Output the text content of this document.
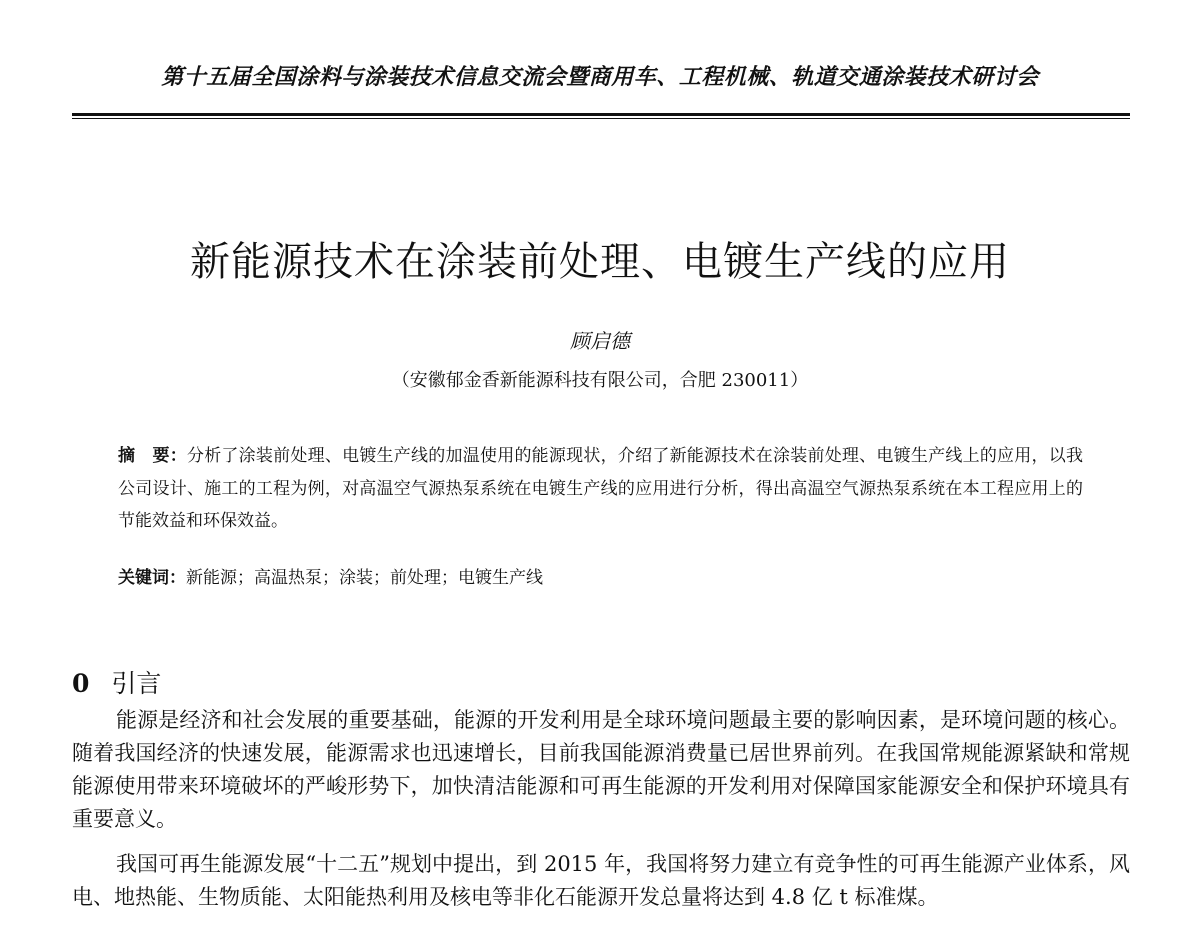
第十五届全国涂料与涂装技术信息交流会暨商用车、工程机械、轨道交通涂装技术研讨会
新能源技术在涂装前处理、电镀生产线的应用
顾启德
（安徽郁金香新能源科技有限公司，合肥 230011）
摘　要：分析了涂装前处理、电镀生产线的加温使用的能源现状，介绍了新能源技术在涂装前处理、电镀生产线上的应用，以我公司设计、施工的工程为例，对高温空气源热泵系统在电镀生产线的应用进行分析，得出高温空气源热泵系统在本工程应用上的节能效益和环保效益。
关键词：新能源；高温热泵；涂装；前处理；电镀生产线
0 引言

能源是经济和社会发展的重要基础，能源的开发利用是全球环境问题最主要的影响因素，是环境问题的核心。随着我国经济的快速发展，能源需求也迅速增长，目前我国能源消费量已居世界前列。在我国常规能源紧缺和常规能源使用带来环境破坏的严峻形势下，加快清洁能源和可再生能源的开发利用对保障国家能源安全和保护环境具有重要意义。

我国可再生能源发展“十二五”规划中提出，到 2015 年，我国将努力建立有竞争性的可再生能源产业体系，风电、地热能、生物质能、太阳能热利用及核电等非化石能源开发总量将达到 4.8 亿 t 标准煤。
